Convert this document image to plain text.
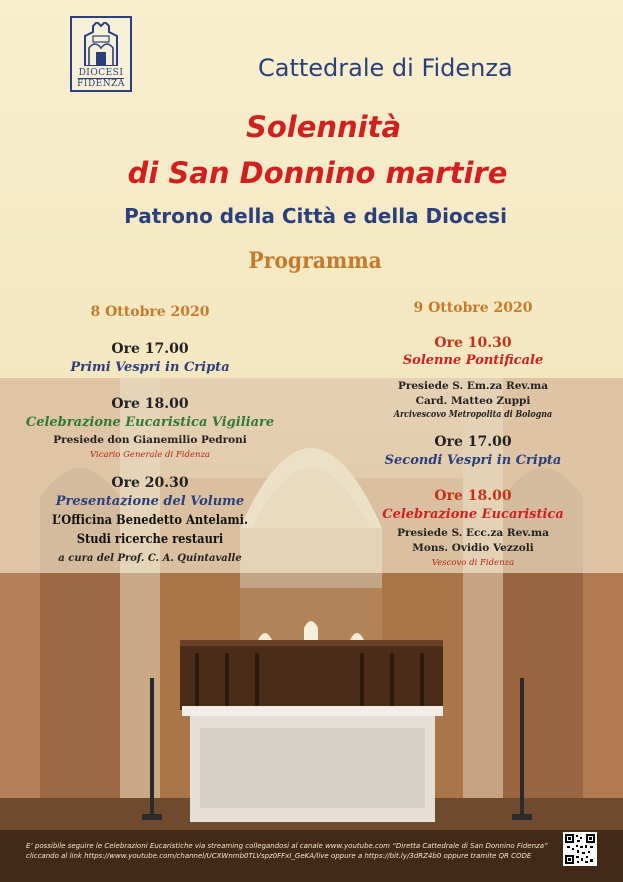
DIOCESI
FIDENZA
Cattedrale di Fidenza
Solennità
di San Donnino martire
Patrono della Città e della Diocesi
Programma
8 Ottobre 2020
Ore 17.00
Primi Vespri in Cripta
Ore 18.00
Celebrazione Eucaristica Vigiliare
Presiede don Gianemilio Pedroni
Vicario Generale di Fidenza
Ore 20.30
Presentazione del Volume
L’Officina Benedetto Antelami.
Studi ricerche restauri
a cura del Prof. C. A. Quintavalle
9 Ottobre 2020
Ore 10.30
Solenne Pontificale
Presiede S. Em.za Rev.ma
Card. Matteo Zuppi
Arcivescovo Metropolita di Bologna
Ore 17.00
Secondi Vespri in Cripta
Ore 18.00
Celebrazione Eucaristica
Presiede S. Ecc.za Rev.ma
Mons. Ovidio Vezzoli
Vescovo di Fidenza
E’ possibile seguire le Celebrazioni Eucaristiche via streaming collegandosi al canale www.youtube.com “Diretta Cattedrale di San Donnino Fidenza”
cliccando al link https://www.youtube.com/channel/UCXWnmb0TLVspz0FFxI_GeKA/live oppure a https://bit.ly/3dRZ4b0 oppure tramite QR CODE
